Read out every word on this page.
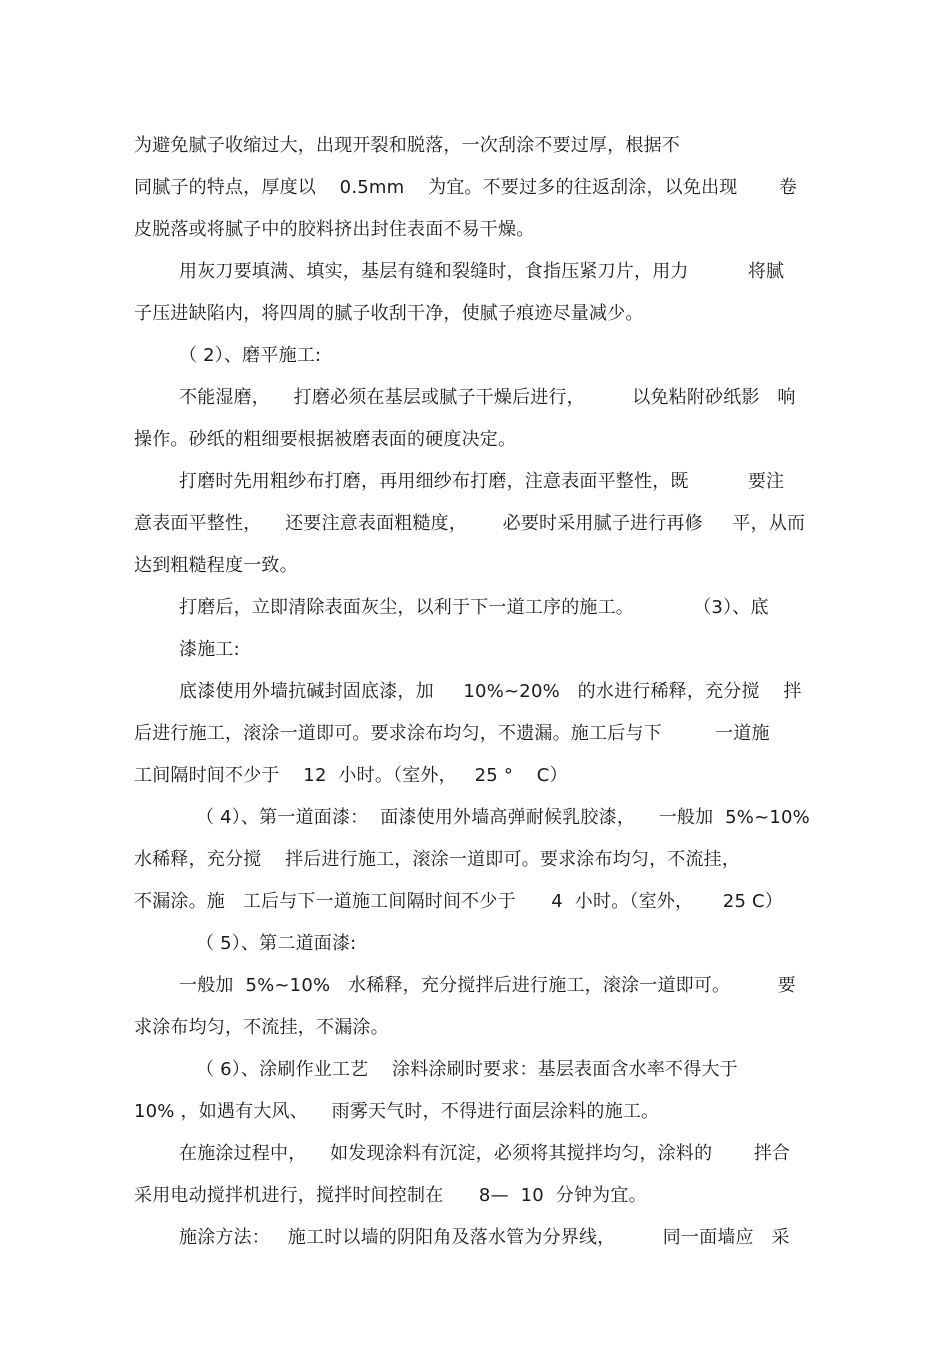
为避免腻子收缩过大，出现开裂和脱落，一次刮涂不要过厚，根据不
同腻子的特点，厚度以    0.5mm    为宜。不要过多的往返刮涂，以免出现       卷
皮脱落或将腻子中的胶料挤出封住表面不易干燥。
用灰刀要填满、填实，基层有缝和裂缝时，食指压紧刀片，用力          将腻
子压进缺陷内，将四周的腻子收刮干净，使腻子痕迹尽量减少。
（ 2）、磨平施工:
不能湿磨，    打磨必须在基层或腻子干燥后进行，        以免粘附砂纸影   响
操作。砂纸的粗细要根据被磨表面的硬度决定。
打磨时先用粗纱布打磨，再用细纱布打磨，注意表面平整性，既          要注
意表面平整性，    还要注意表面粗糙度，      必要时采用腻子进行再修     平，从而
达到粗糙程度一致。
打磨后，立即清除表面灰尘，以利于下一道工序的施工。          （3）、底
漆施工:
底漆使用外墙抗碱封固底漆，加     10%~20%   的水进行稀释，充分搅    拌
后进行施工，滚涂一道即可。要求涂布均匀，不遗漏。施工后与下         一道施
工间隔时间不少于    12  小时。（室外，   25 °    C）
（ 4）、第一道面漆：  面漆使用外墙高弹耐候乳胶漆，    一般加  5%~10%
水稀释，充分搅    拌后进行施工，滚涂一道即可。要求涂布均匀，不流挂，
不漏涂。施   工后与下一道施工间隔时间不少于      4  小时。（室外，     25 C）
（ 5）、第二道面漆:
一般加  5%~10%   水稀释，充分搅拌后进行施工，滚涂一道即可。        要
求涂布均匀，不流挂，不漏涂。
（ 6）、涂刷作业工艺    涂料涂刷时要求：基层表面含水率不得大于
10% ，如遇有大风、    雨雾天气时，不得进行面层涂料的施工。
在施涂过程中，    如发现涂料有沉淀，必须将其搅拌均匀，涂料的       拌合
采用电动搅拌机进行，搅拌时间控制在      8—  10  分钟为宜。
施涂方法：   施工时以墙的阴阳角及落水管为分界线，        同一面墙应   采
